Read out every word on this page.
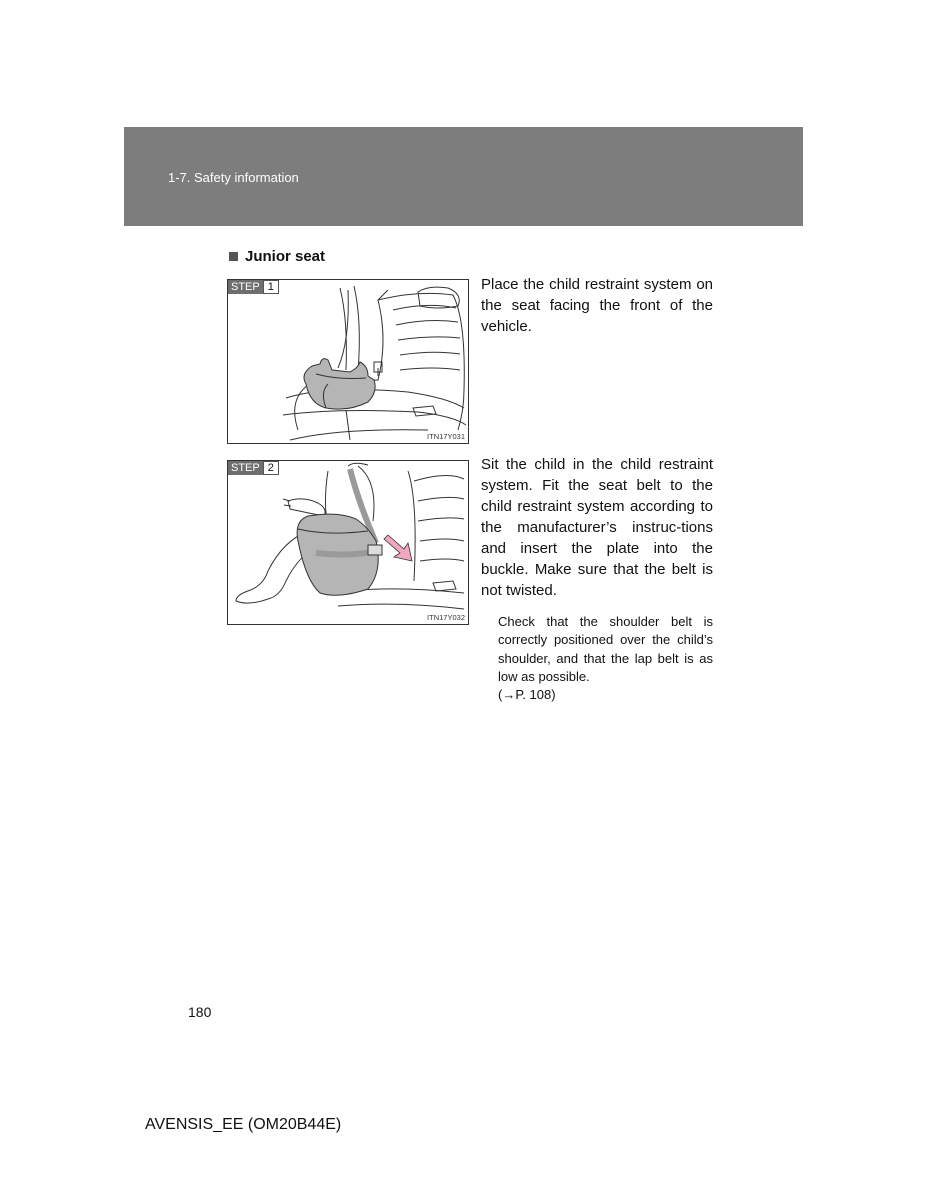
1-7. Safety information
Junior seat
STEP 1
ITN17Y031
STEP 2
ITN17Y032
Place the child restraint system on the seat facing the front of the vehicle.
Sit the child in the child restraint system. Fit the seat belt to the child restraint system according to the manufacturer’s instruc-tions and insert the plate into the buckle. Make sure that the belt is not twisted.
Check that the shoulder belt is correctly positioned over the child’s shoulder, and that the lap belt is as low as possible.
(→P. 108)
180
AVENSIS_EE (OM20B44E)
